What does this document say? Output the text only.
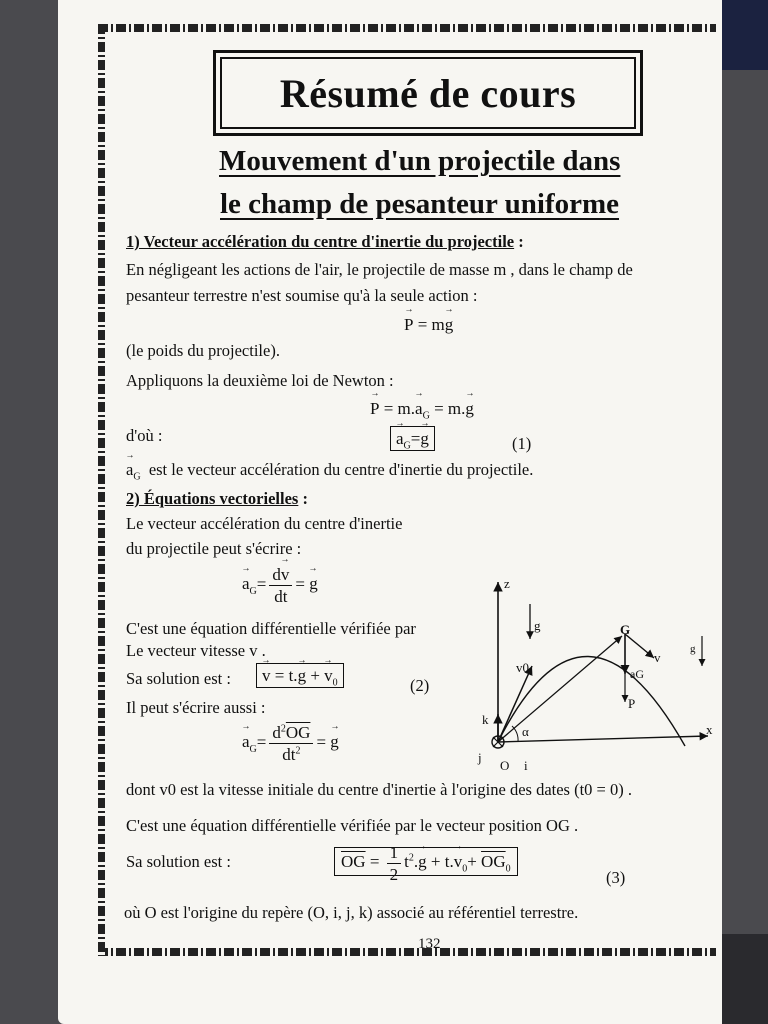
Résumé de cours
Mouvement d'un projectile dans
le champ de pesanteur uniforme
1) Vecteur accélération du centre d'inertie du projectile :
En négligeant les actions de l'air, le projectile de masse m , dans le champ de
pesanteur terrestre n'est soumise qu'à la seule action :
→ P = m→ g
(le poids du projectile).
Appliquons la deuxième loi de Newton :
→ $P = m.\to a_G = m.\to g$
d'où :	→ $a_G=\to g$	(1)
→ $a_G$ est le vecteur accélération du centre d'inertie du projectile.
2) Équations vectorielles :
Le vecteur accélération du centre d'inertie
du projectile peut s'écrire :
→ $a_G= \frac{d\to v}{dt}$ = → g
C'est une équation différentielle vérifiée par
Le vecteur vitesse v .
Sa solution est :	→ v = t.→ g + → $v_0$	(2)
Il peut s'écrire aussi :
→ $a_G= \frac{d^2\overline{OG}}{dt^2}$ = → g
dont v0 est la vitesse initiale du centre d'inertie à l'origine des dates (t0 = 0) .
C'est une équation différentielle vérifiée par le vecteur position OG .
Sa solution est :	$\overline{OG} = \frac{1}{2} t^2.\to g + t.\to v_0+ \overline{OG}_0$	(3)
où O est l'origine du repère (O, i, j, k) associé au référentiel terrestre.
z
g	G
v0	aG
v
g
k
P
α
j
O i
x
132
